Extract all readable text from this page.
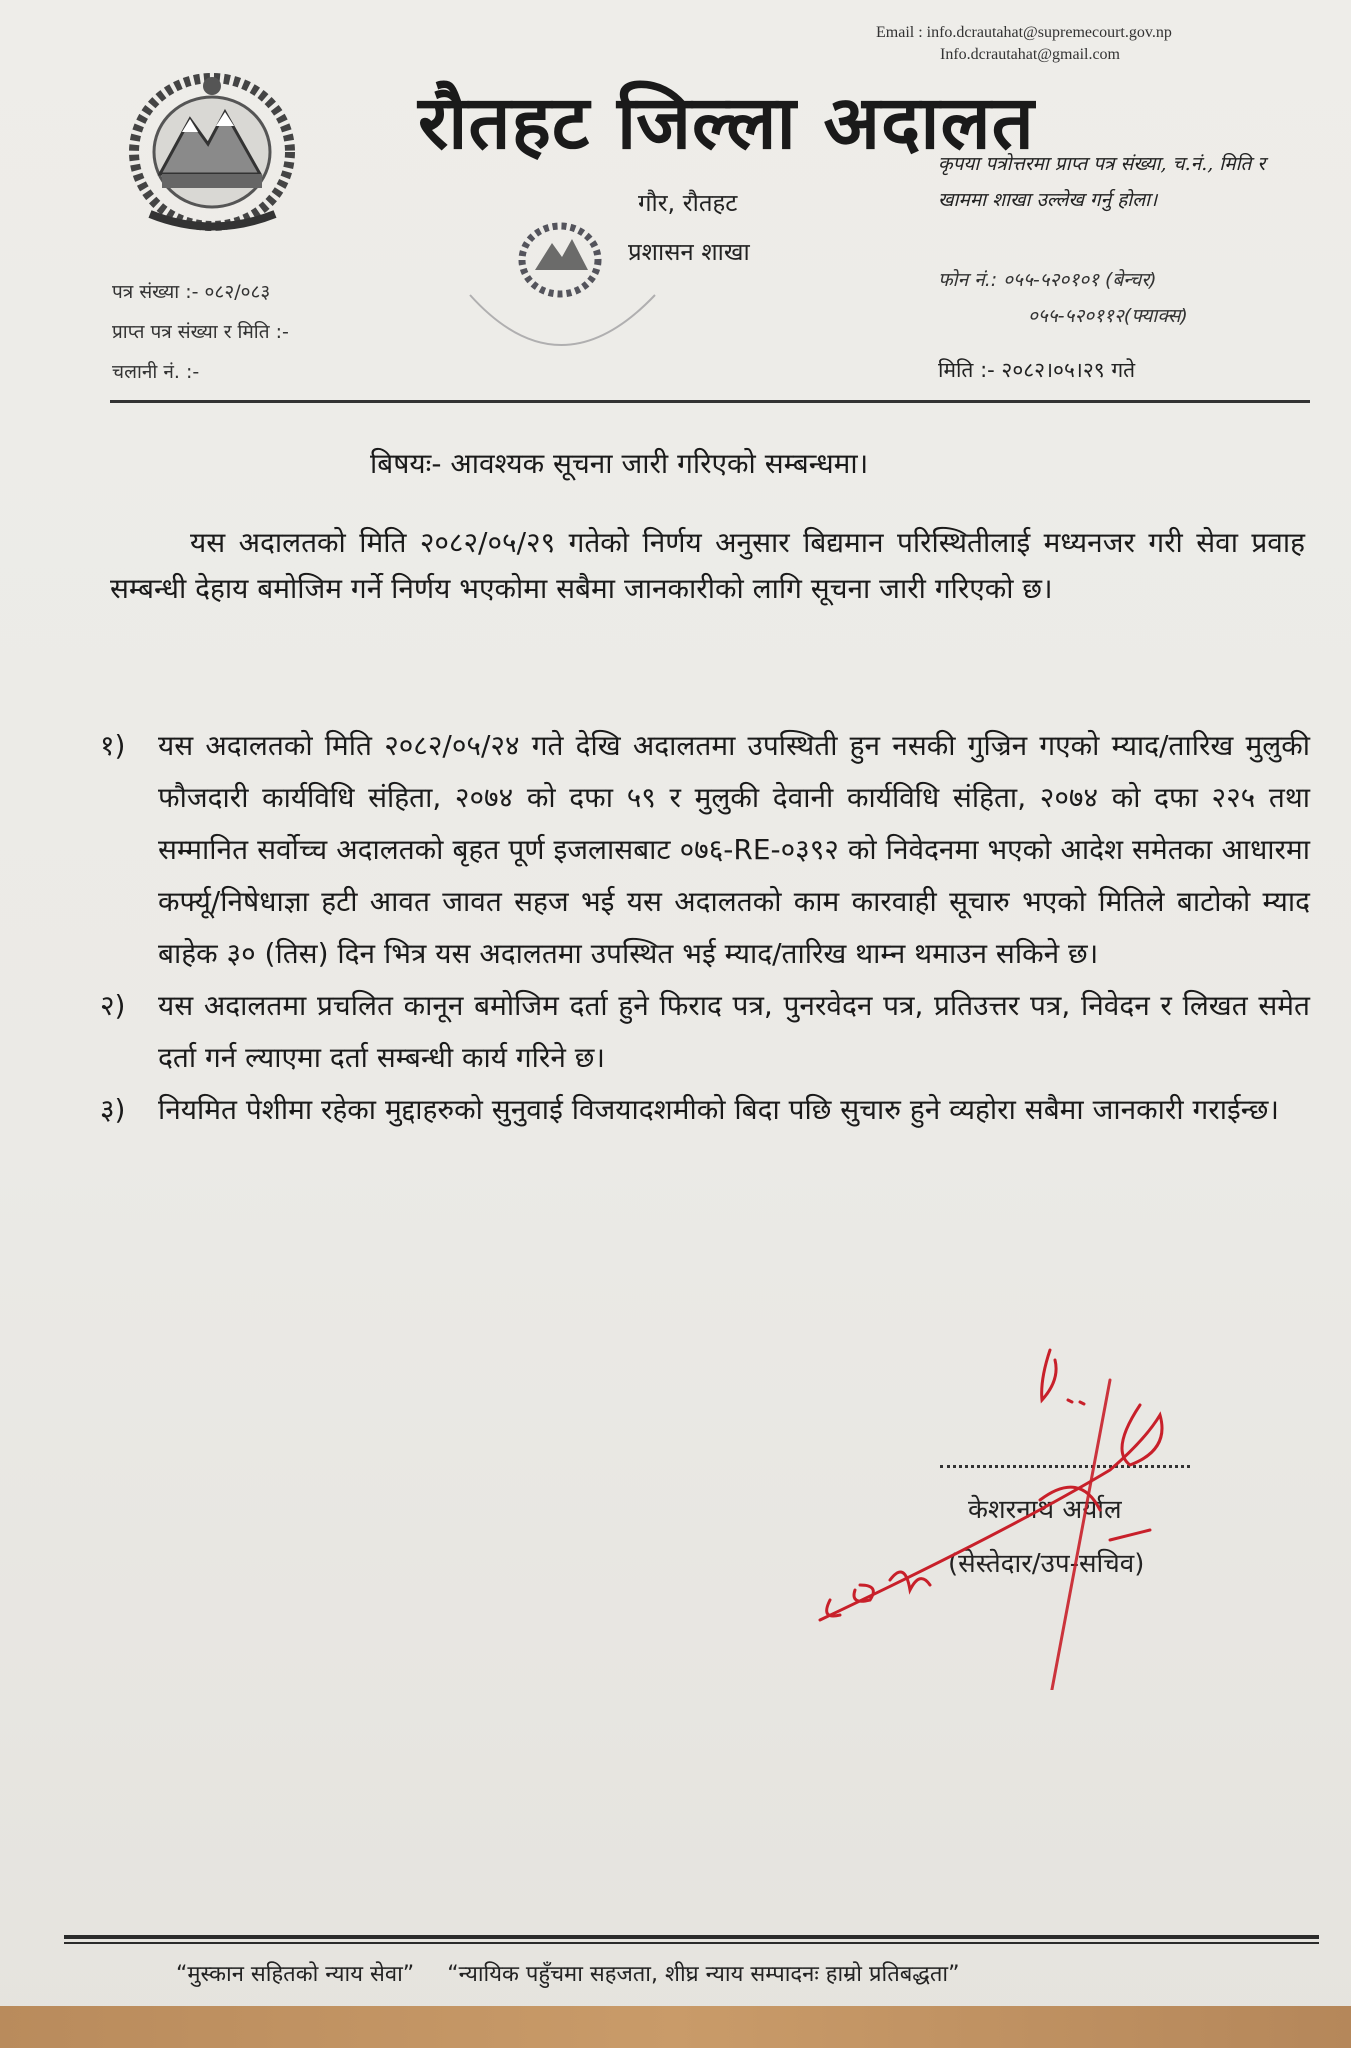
Email : info.dcrautahat@supremecourt.gov.np
Info.dcrautahat@gmail.com
रौतहट जिल्ला अदालत
गौर, रौतहट
प्रशासन शाखा
कृपया पत्रोत्तरमा प्राप्त पत्र संख्या, च.नं., मिति र खाममा शाखा उल्लेख गर्नु होला।
पत्र संख्या :- ०८२/०८३
प्राप्त पत्र संख्या र मिति :-
चलानी नं. :-
फोन नं.: ०५५-५२०१०१ (बेन्चर)
०५५-५२०११२(फ्याक्स)
मिति :- २०८२।०५।२९ गते
बिषयः- आवश्यक सूचना जारी गरिएको सम्बन्धमा।
यस अदालतको मिति २०८२/०५/२९ गतेको निर्णय अनुसार बिद्यमान परिस्थितीलाई मध्यनजर गरी सेवा प्रवाह सम्बन्धी देहाय बमोजिम गर्ने निर्णय भएकोमा सबैमा जानकारीको लागि सूचना जारी गरिएको छ।
१)	यस अदालतको मिति २०८२/०५/२४ गते देखि अदालतमा उपस्थिती हुन नसकी गुज्रिन गएको म्याद/तारिख मुलुकी फौजदारी कार्यविधि संहिता, २०७४ को दफा ५९ र मुलुकी देवानी कार्यविधि संहिता, २०७४ को दफा २२५ तथा सम्मानित सर्वोच्च अदालतको बृहत पूर्ण इजलासबाट ०७६-RE-०३९२ को निवेदनमा भएको आदेश समेतका आधारमा कर्फ्यू/निषेधाज्ञा हटी आवत जावत सहज भई यस अदालतको काम कारवाही सूचारु भएको मितिले बाटोको म्याद बाहेक ३० (तिस) दिन भित्र यस अदालतमा उपस्थित भई म्याद/तारिख थाम्न थमाउन सकिने छ।
२)	यस अदालतमा प्रचलित कानून बमोजिम दर्ता हुने फिराद पत्र, पुनरवेदन पत्र, प्रतिउत्तर पत्र, निवेदन र लिखत समेत दर्ता गर्न ल्याएमा दर्ता सम्बन्धी कार्य गरिने छ।
३)	नियमित पेशीमा रहेका मुद्दाहरुको सुनुवाई विजयादशमीको बिदा पछि सुचारु हुने व्यहोरा सबैमा जानकारी गराईन्छ।
केशरनाथ अर्याल
(सेस्तेदार/उप-सचिव)
“मुस्कान सहितको न्याय सेवा” “न्यायिक पहुँचमा सहजता, शीघ्र न्याय सम्पादनः हाम्रो प्रतिबद्धता”
